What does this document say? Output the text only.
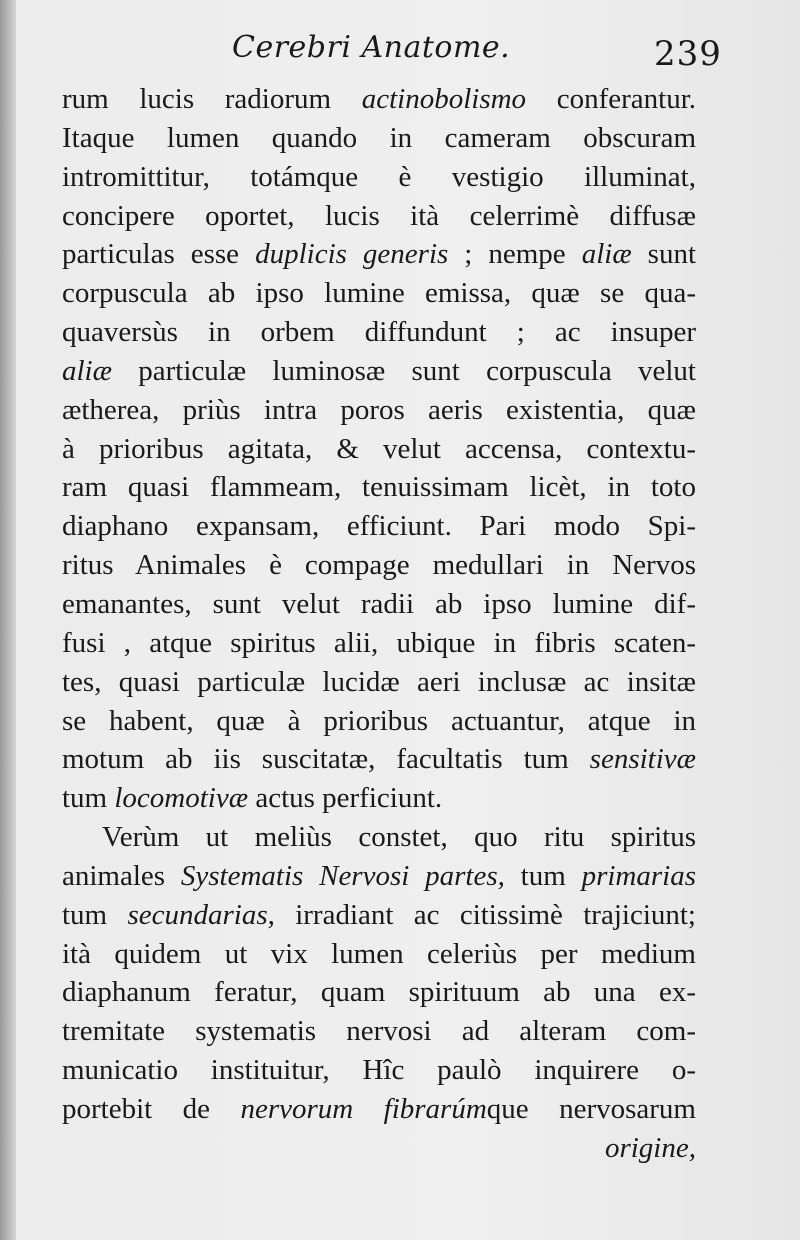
Cerebri Anatome.	239
rum lucis radiorum actinobolismo conferantur.
Itaque lumen quando in cameram obscuram
intromittitur, totámque è vestigio illuminat,
concipere oportet, lucis ità celerrimè diffusæ
particulas esse duplicis generis ; nempe aliæ sunt
corpuscula ab ipso lumine emissa, quæ se qua-
quaversùs in orbem diffundunt ; ac insuper
aliæ particulæ luminosæ sunt corpuscula velut
ætherea, priùs intra poros aeris existentia, quæ
à prioribus agitata, & velut accensa, contextu-
ram quasi flammeam, tenuissimam licèt, in toto
diaphano expansam, efficiunt. Pari modo Spi-
ritus Animales è compage medullari in Nervos
emanantes, sunt velut radii ab ipso lumine dif-
fusi , atque spiritus alii, ubique in fibris scaten-
tes, quasi particulæ lucidæ aeri inclusæ ac insitæ
se habent, quæ à prioribus actuantur, atque in
motum ab iis suscitatæ, facultatis tum sensitivæ
tum locomotivæ actus perficiunt.
Verùm ut meliùs constet, quo ritu spiritus
animales Systematis Nervosi partes, tum primarias
tum secundarias, irradiant ac citissimè trajiciunt;
ità quidem ut vix lumen celeriùs per medium
diaphanum feratur, quam spirituum ab una ex-
tremitate systematis nervosi ad alteram com-
municatio instituitur, Hîc paulò inquirere o-
portebit de nervorum fibrarúmque nervosarum
origine,
